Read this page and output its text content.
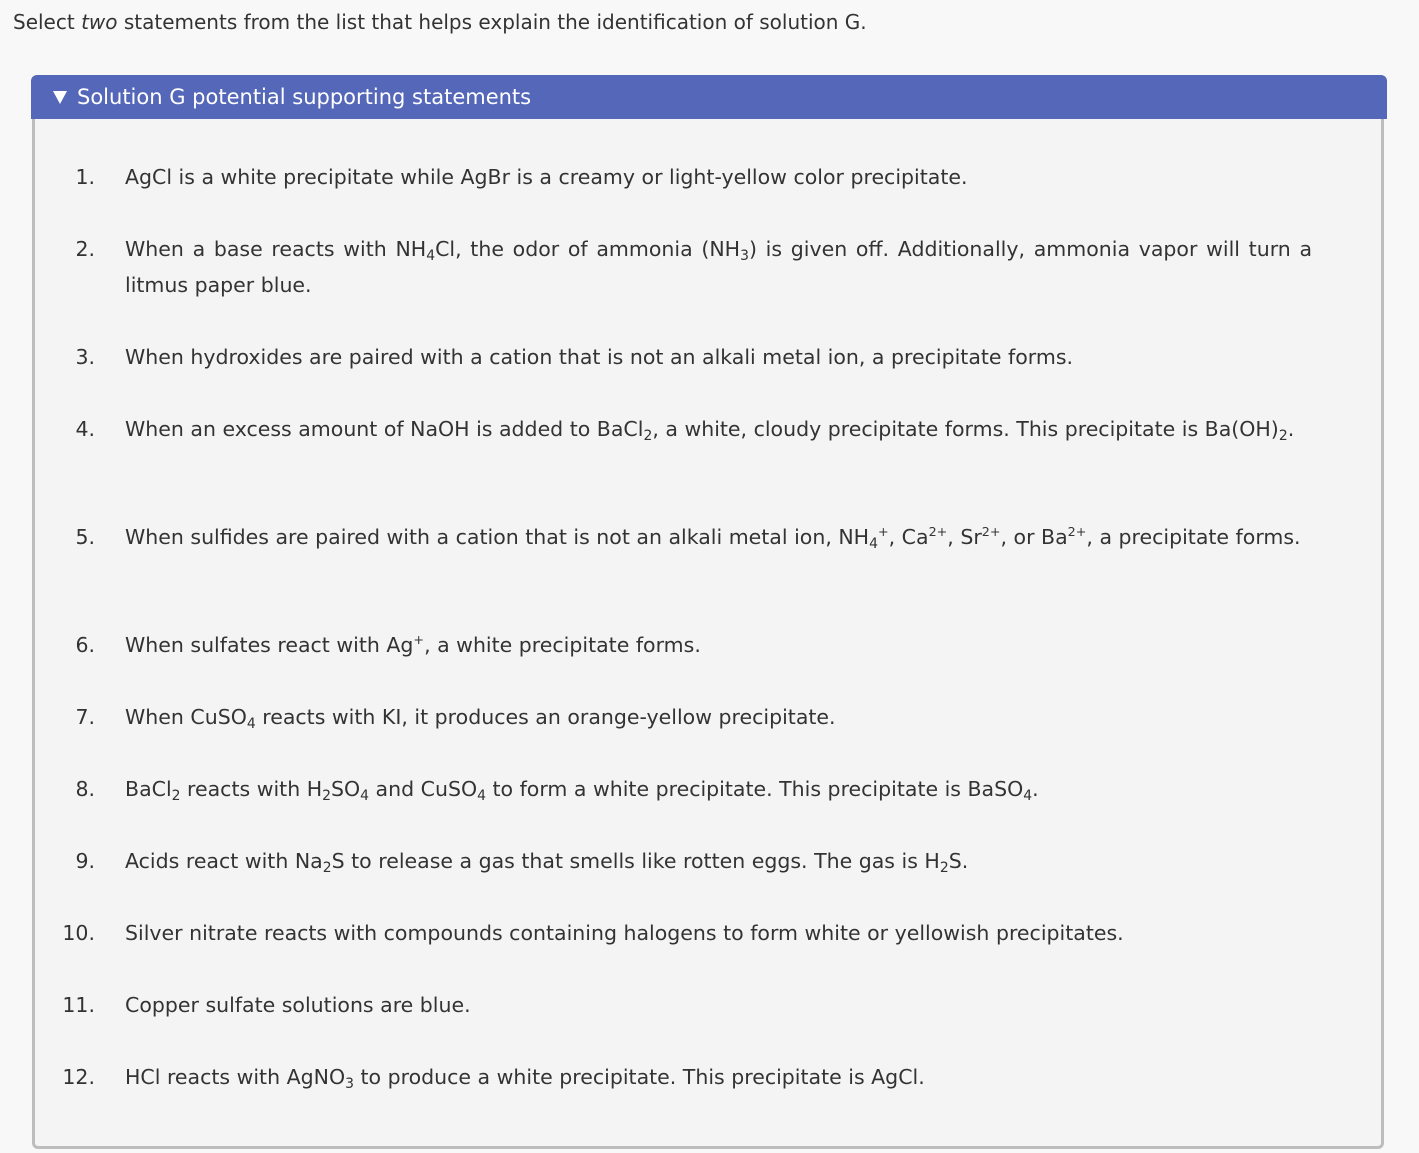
Select two statements from the list that helps explain the identification of solution G.
Solution G potential supporting statements
1. AgCl is a white precipitate while AgBr is a creamy or light-yellow color precipitate.
2. When a base reacts with $NH_4Cl$, the odor of ammonia $(NH_3)$ is given off. Additionally, ammonia vapor will turn a litmus paper blue.
3. When hydroxides are paired with a cation that is not an alkali metal ion, a precipitate forms.
4. When an excess amount of NaOH is added to BaCl$_2$, a white, cloudy precipitate forms. This precipitate is $Ba(OH)_2$.
5. When sulfides are paired with a cation that is not an alkali metal ion, $NH_4^+$, $Ca^{2+}$, $Sr^{2+}$, or $Ba^{2+}$, a precipitate forms.
6. When sulfates react with Ag+, a white precipitate forms.
7. When CuSO$_4$ reacts with KI, it produces an orange-yellow precipitate.
8. BaCl$_2$ reacts with $H_2SO_4$ and CuSO$_4$ to form a white precipitate. This precipitate is BaSO$_4$.
9. Acids react with $Na_2S$ to release a gas that smells like rotten eggs. The gas is $H_2S$.
10. Silver nitrate reacts with compounds containing halogens to form white or yellowish precipitates.
11. Copper sulfate solutions are blue.
12. HCl reacts with AgNO$_3$ to produce a white precipitate. This precipitate is AgCl.
